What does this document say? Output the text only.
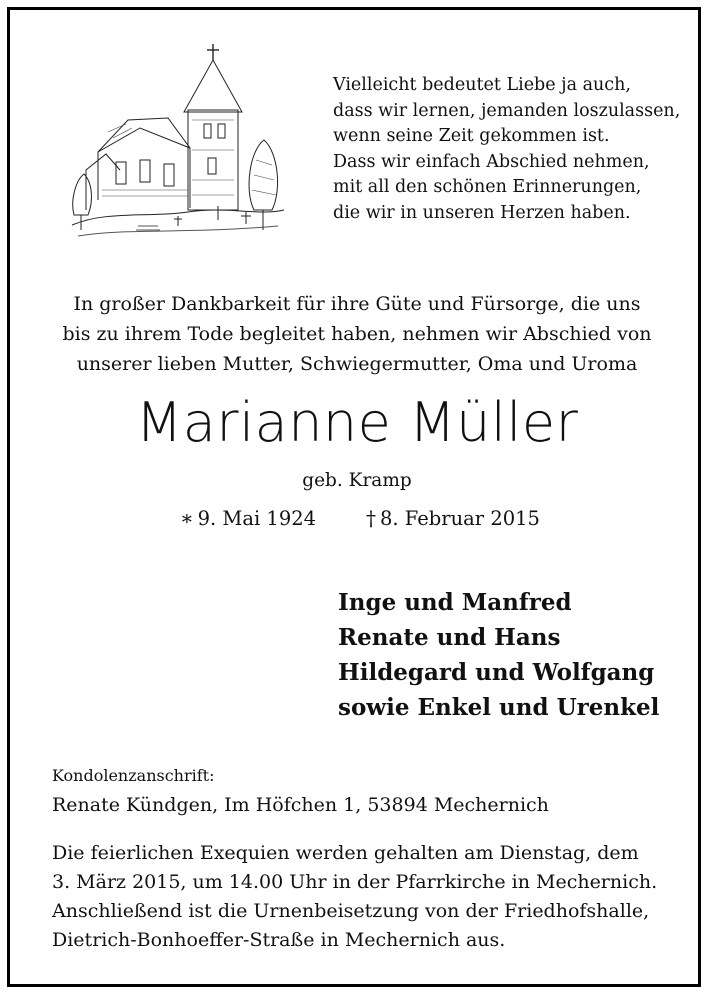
Vielleicht bedeutet Liebe ja auch,
dass wir lernen, jemanden loszulassen,
wenn seine Zeit gekommen ist.
Dass wir einfach Abschied nehmen,
mit all den schönen Erinnerungen,
die wir in unseren Herzen haben.
In großer Dankbarkeit für ihre Güte und Fürsorge, die uns
bis zu ihrem Tode begleitet haben, nehmen wir Abschied von
unserer lieben Mutter, Schwiegermutter, Oma und Uroma
Marianne Müller
geb. Kramp
∗ 9. Mai 1924 † 8. Februar 2015
Inge und Manfred
Renate und Hans
Hildegard und Wolfgang
sowie Enkel und Urenkel
Kondolenzanschrift:
Renate Kündgen, Im Höfchen 1, 53894 Mechernich
Die feierlichen Exequien werden gehalten am Dienstag, dem
3. März 2015, um 14.00 Uhr in der Pfarrkirche in Mechernich.
Anschließend ist die Urnenbeisetzung von der Friedhofshalle,
Dietrich-Bonhoeffer-Straße in Mechernich aus.
